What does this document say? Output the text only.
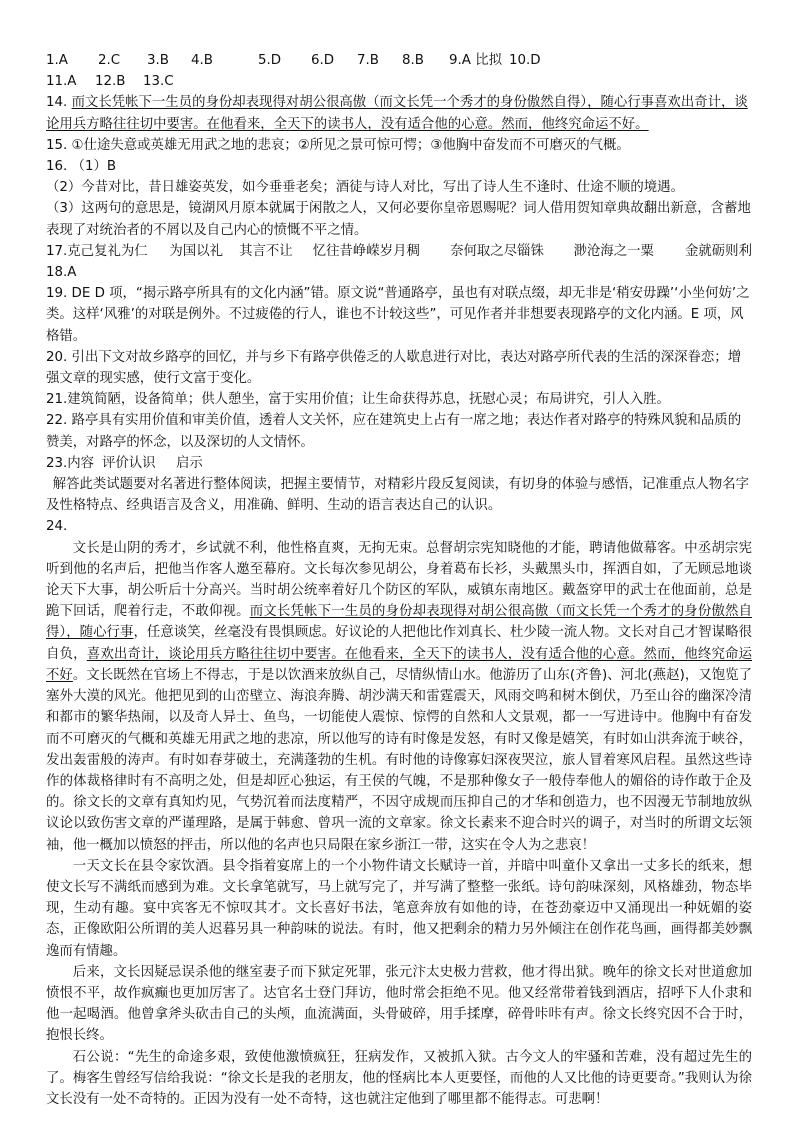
1.A	2.C	3.B	4.B	5.D	6.D	7.B	8.B	9.A 比拟 10.D
11.A	12.B	13.C
14. 而文长凭帐下一生员的身份却表现得对胡公很高傲（而文长凭一个秀才的身份傲然自得），随心行事喜欢出奇计，谈论用兵方略往往切中要害。在他看来，全天下的读书人，没有适合他的心意。然而，他终究命运不好。
15. ①仕途失意或英雄无用武之地的悲哀；②所见之景可惊可愕；③他胸中奋发而不可磨灭的气概。
16. （1）B
（2）今昔对比，昔日雄姿英发，如今垂垂老矣；酒徒与诗人对比，写出了诗人生不逢时、仕途不顺的境遇。
（3）这两句的意思是，镜湖风月原本就属于闲散之人，又何必要你皇帝恩赐呢？词人借用贺知章典故翻出新意，含蓄地表现了对统治者的不屑以及自己内心的愤慨不平之情。
17.克己复礼为仁	为国以礼	其言不让	忆往昔峥嵘岁月稠	奈何取之尽锱铢	渺沧海之一粟	金就砺则利
18.A
19. DE D 项，“揭示路亭所具有的文化内涵”错。原文说“普通路亭，虽也有对联点缀，却无非是‘稍安毋躁’‘小坐何妨’之类。这样‘风雅’的对联是例外。不过疲倦的行人，谁也不计较这些”，可见作者并非想要表现路亭的文化内涵。E 项，风格错。
20. 引出下文对故乡路亭的回忆，并与乡下有路亭供倦乏的人歇息进行对比，表达对路亭所代表的生活的深深眷恋；增强文章的现实感，使行文富于变化。
21.建筑简陋，设备简单；供人憩坐，富于实用价值；让生命获得苏息，抚慰心灵；布局讲究，引人入胜。
22. 路亭具有实用价值和审美价值，透着人文关怀，应在建筑史上占有一席之地；表达作者对路亭的特殊风貌和品质的赞美，对路亭的怀念，以及深切的人文情怀。
23.内容 评价认识	启示
解答此类试题要对名著进行整体阅读，把握主要情节，对精彩片段反复阅读，有切身的体验与感悟，记准重点人物名字及性格特点、经典语言及含义，用准确、鲜明、生动的语言表达自己的认识。
24.

文长是山阴的秀才，乡试就不利，他性格直爽，无拘无束。总督胡宗宪知晓他的才能，聘请他做幕客。中丞胡宗宪听到他的名声后，把他当作客人邀至幕府。文长每次参见胡公，身着葛布长衫，头戴黑头巾，挥洒自如，了无顾忌地谈论天下大事，胡公听后十分高兴。当时胡公统率着好几个防区的军队，威镇东南地区。戴盔穿甲的武士在他面前，总是跪下回话，爬着行走，不敢仰视。而文长凭帐下一生员的身份却表现得对胡公很高傲（而文长凭一个秀才的身份傲然自得），随心行事，任意谈笑，丝毫没有畏惧顾虑。好议论的人把他比作刘真长、杜少陵一流人物。文长对自己才智谋略很自负，喜欢出奇计，谈论用兵方略往往切中要害。在他看来，全天下的读书人，没有适合他的心意。然而，他终究命运不好。文长既然在官场上不得志，于是以饮酒来放纵自己，尽情纵情山水。他游历了山东(齐鲁)、河北(燕赵)，又饱览了塞外大漠的风光。他把见到的山峦壁立、海浪奔腾、胡沙满天和雷霆震天，风雨交鸣和树木倒伏，乃至山谷的幽深冷清和都市的繁华热闹，以及奇人异士、鱼鸟，一切能使人震惊、惊愕的自然和人文景观，都一一写进诗中。他胸中有奋发而不可磨灭的气概和英雄无用武之地的悲凉，所以他写的诗有时像是发怒，有时又像是嬉笑，有时如山洪奔流于峡谷，发出轰雷般的涛声。有时如春芽破土，充满蓬勃的生机。有时他的诗像寡妇深夜哭泣，旅人冒着寒风启程。虽然这些诗作的体裁格律时有不高明之处，但是却匠心独运，有王侯的气魄，不是那种像女子一般侍奉他人的媚俗的诗作敢于企及的。徐文长的文章有真知灼见，气势沉着而法度精严，不因守成规而压抑自己的才华和创造力，也不因漫无节制地放纵议论以致伤害文章的严谨理路，是属于韩愈、曾巩一流的文章家。徐文长素来不迎合时兴的调子，对当时的所谓文坛领袖，他一概加以愤怒的抨击，所以他的名声也只局限在家乡浙江一带，这实在令人为之悲哀！

一天文长在县令家饮酒。县令指着宴席上的一个小物件请文长赋诗一首，并暗中叫童仆又拿出一丈多长的纸来，想使文长写不满纸而感到为难。文长拿笔就写，马上就写完了，并写满了整整一张纸。诗句韵味深刻，风格雄劲，物态毕现，生动有趣。宴中宾客无不惊叹其才。文长喜好书法，笔意奔放有如他的诗，在苍劲豪迈中又涌现出一种妩媚的姿态，正像欧阳公所谓的美人迟暮另具一种韵味的说法。有时，他又把剩余的精力另外倾注在创作花鸟画，画得都美妙飘逸而有情趣。

后来，文长因疑忌误杀他的继室妻子而下狱定死罪，张元汴太史极力营救，他才得出狱。晚年的徐文长对世道愈加愤恨不平，故作疯癫也更加厉害了。达官名士登门拜访，他时常会拒绝不见。他又经常带着钱到酒店，招呼下人仆隶和他一起喝酒。他曾拿斧头砍击自己的头颅，血流满面，头骨破碎，用手揉摩，碎骨咔咔有声。徐文长终究因不合于时，抱恨长终。

石公说：“先生的命途多艰，致使他激愤疯狂，狂病发作，又被抓入狱。古今文人的牢骚和苦难，没有超过先生的了。梅客生曾经写信给我说：“徐文长是我的老朋友，他的怪病比本人更要怪，而他的人又比他的诗更要奇。”我则认为徐文长没有一处不奇特的。正因为没有一处不奇特，这也就注定他到了哪里都不能得志。可悲啊！
